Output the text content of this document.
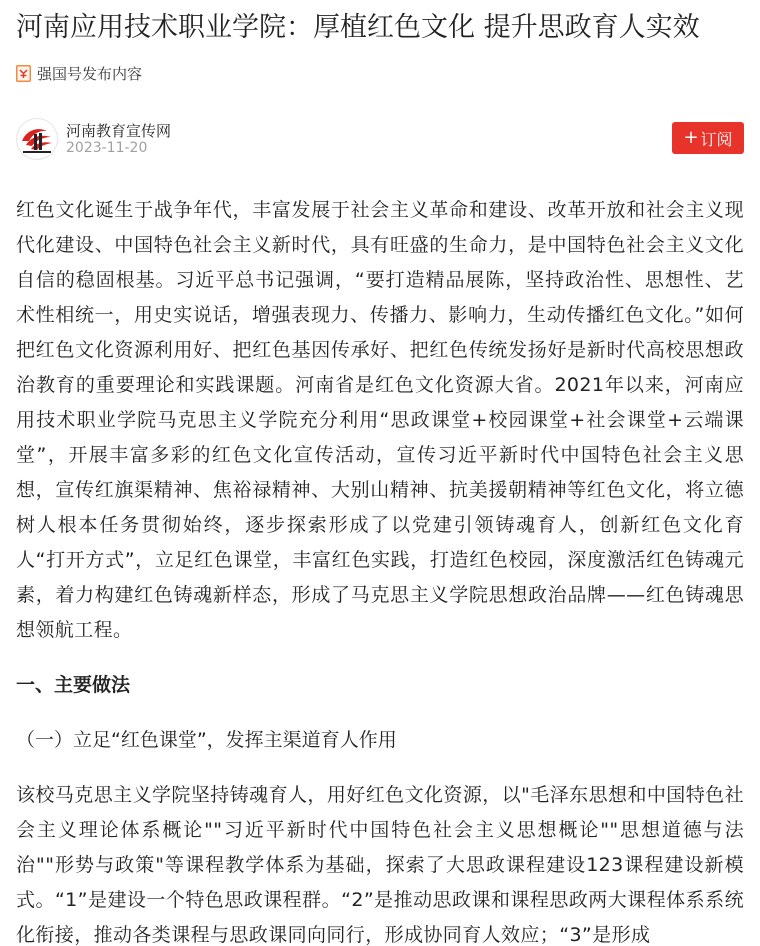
河南应用技术职业学院：厚植红色文化 提升思政育人实效
强国号发布内容
河南教育宣传网
2023-11-20	+ 订阅

红色文化诞生于战争年代，丰富发展于社会主义革命和建设、改革开放和社会主义现代化建设、中国特色社会主义新时代，具有旺盛的生命力，是中国特色社会主义文化自信的稳固根基。习近平总书记强调，“要打造精品展陈，坚持政治性、思想性、艺术性相统一，用史实说话，增强表现力、传播力、影响力，生动传播红色文化。”如何把红色文化资源利用好、把红色基因传承好、把红色传统发扬好是新时代高校思想政治教育的重要理论和实践课题。河南省是红色文化资源大省。2021年以来，河南应用技术职业学院马克思主义学院充分利用“思政课堂+校园课堂+社会课堂+云端课堂”，开展丰富多彩的红色文化宣传活动，宣传习近平新时代中国特色社会主义思想，宣传红旗渠精神、焦裕禄精神、大别山精神、抗美援朝精神等红色文化，将立德树人根本任务贯彻始终，逐步探索形成了以党建引领铸魂育人，创新红色文化育人“打开方式”，立足红色课堂，丰富红色实践，打造红色校园，深度激活红色铸魂元素，着力构建红色铸魂新样态，形成了马克思主义学院思想政治品牌——红色铸魂思想领航工程。

一、主要做法
（一）立足“红色课堂”，发挥主渠道育人作用

该校马克思主义学院坚持铸魂育人，用好红色文化资源，以"毛泽东思想和中国特色社会主义理论体系概论""习近平新时代中国特色社会主义思想概论""思想道德与法治""形势与政策"等课程教学体系为基础，探索了大思政课程建设123课程建设新模式。“1”是建设一个特色思政课程群。“2”是推动思政课和课程思政两大课程体系系统化衔接，推动各类课程与思政课同向同行，形成协同育人效应；“3”是形成
